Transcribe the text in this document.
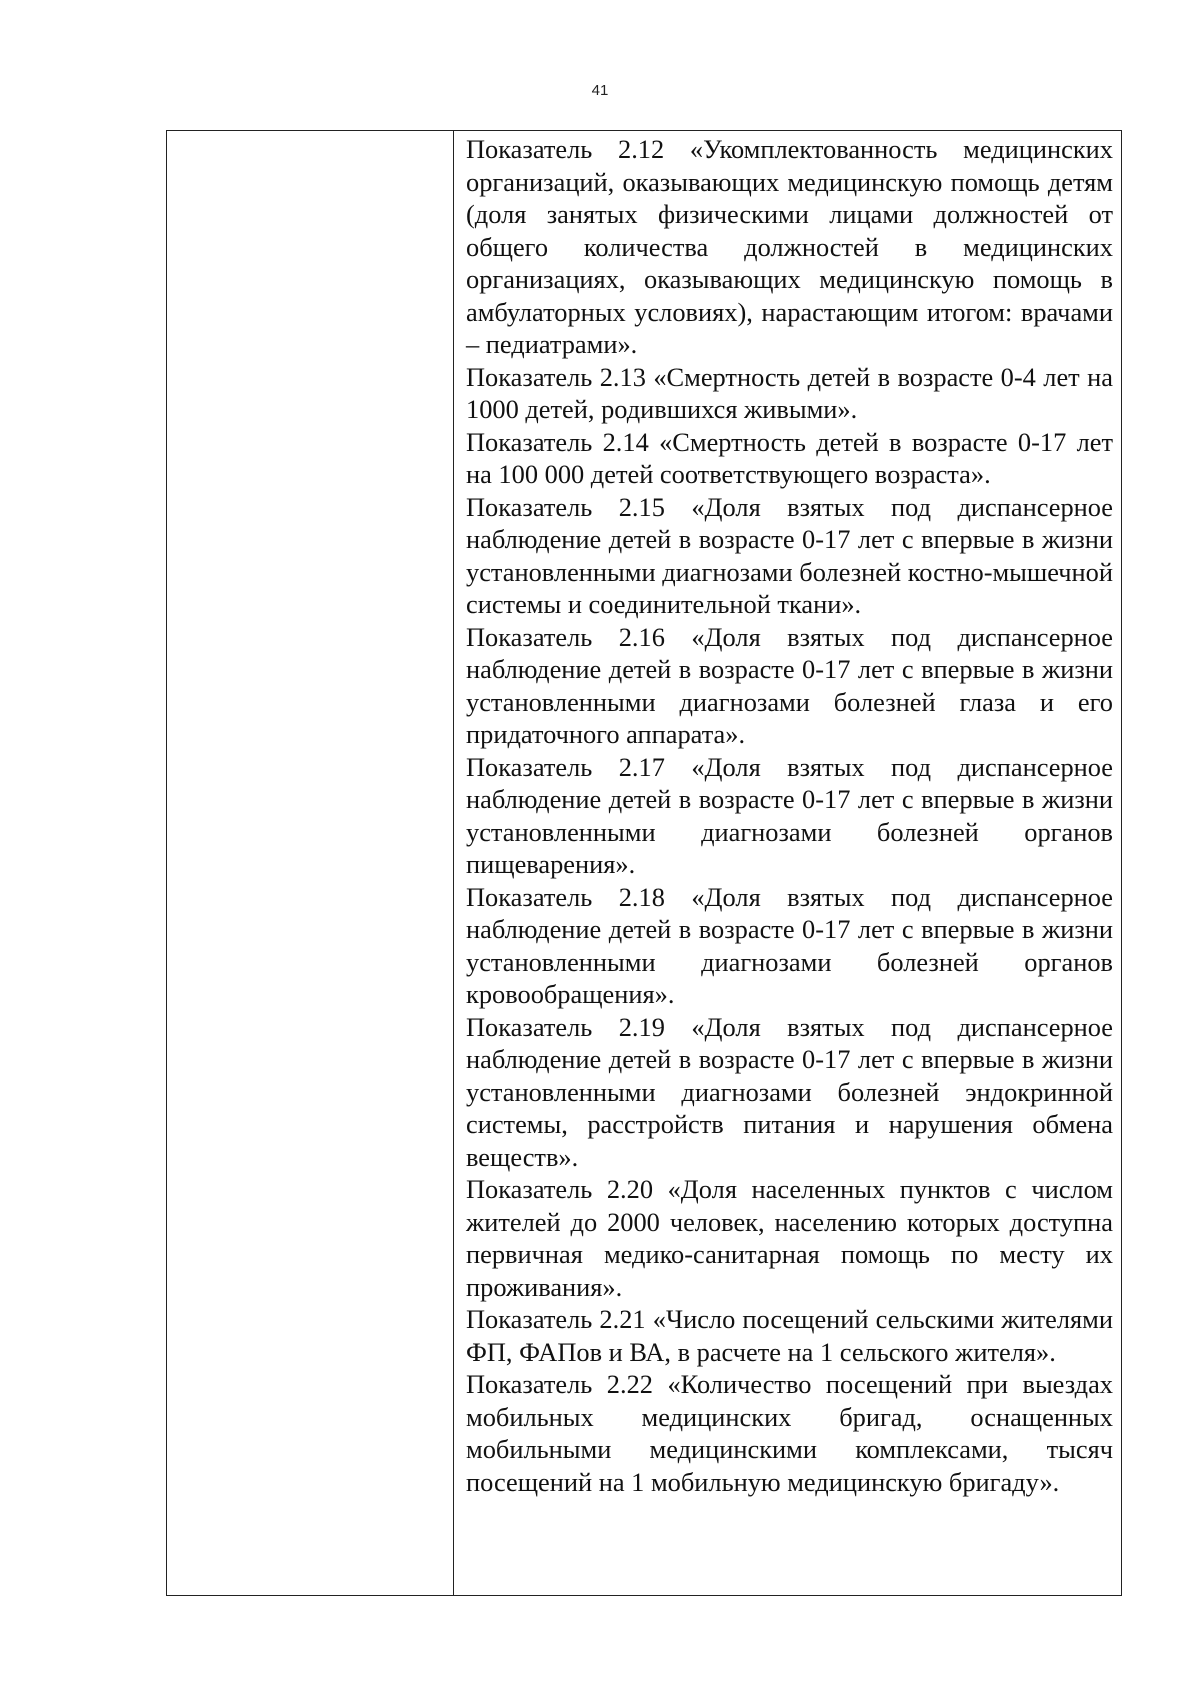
41

Показатель 2.12 «Укомплектованность медицинских организаций, оказывающих медицинскую помощь детям (доля занятых физическими лицами должностей от общего количества должностей в медицинских организациях, оказывающих медицинскую помощь в амбулаторных условиях), нарастающим итогом: врачами – педиатрами».

Показатель 2.13 «Смертность детей в возрасте 0-4 лет на 1000 детей, родившихся живыми».

Показатель 2.14 «Смертность детей в возрасте 0-17 лет на 100 000 детей соответствующего возраста».

Показатель 2.15 «Доля взятых под диспансерное наблюдение детей в возрасте 0-17 лет с впервые в жизни установленными диагнозами болезней костно-мышечной системы и соединительной ткани».

Показатель 2.16 «Доля взятых под диспансерное наблюдение детей в возрасте 0-17 лет с впервые в жизни установленными диагнозами болезней глаза и его придаточного аппарата».

Показатель 2.17 «Доля взятых под диспансерное наблюдение детей в возрасте 0-17 лет с впервые в жизни установленными диагнозами болезней органов пищеварения».

Показатель 2.18 «Доля взятых под диспансерное наблюдение детей в возрасте 0-17 лет с впервые в жизни установленными диагнозами болезней органов кровообращения».

Показатель 2.19 «Доля взятых под диспансерное наблюдение детей в возрасте 0-17 лет с впервые в жизни установленными диагнозами болезней эндокринной системы, расстройств питания и нарушения обмена веществ».

Показатель 2.20 «Доля населенных пунктов с числом жителей до 2000 человек, населению которых доступна первичная медико-санитарная помощь по месту их проживания».

Показатель 2.21 «Число посещений сельскими жителями ФП, ФАПов и ВА, в расчете на 1 сельского жителя».

Показатель 2.22 «Количество посещений при выездах мобильных медицинских бригад, оснащенных мобильными медицинскими комплексами, тысяч посещений на 1 мобильную медицинскую бригаду».
